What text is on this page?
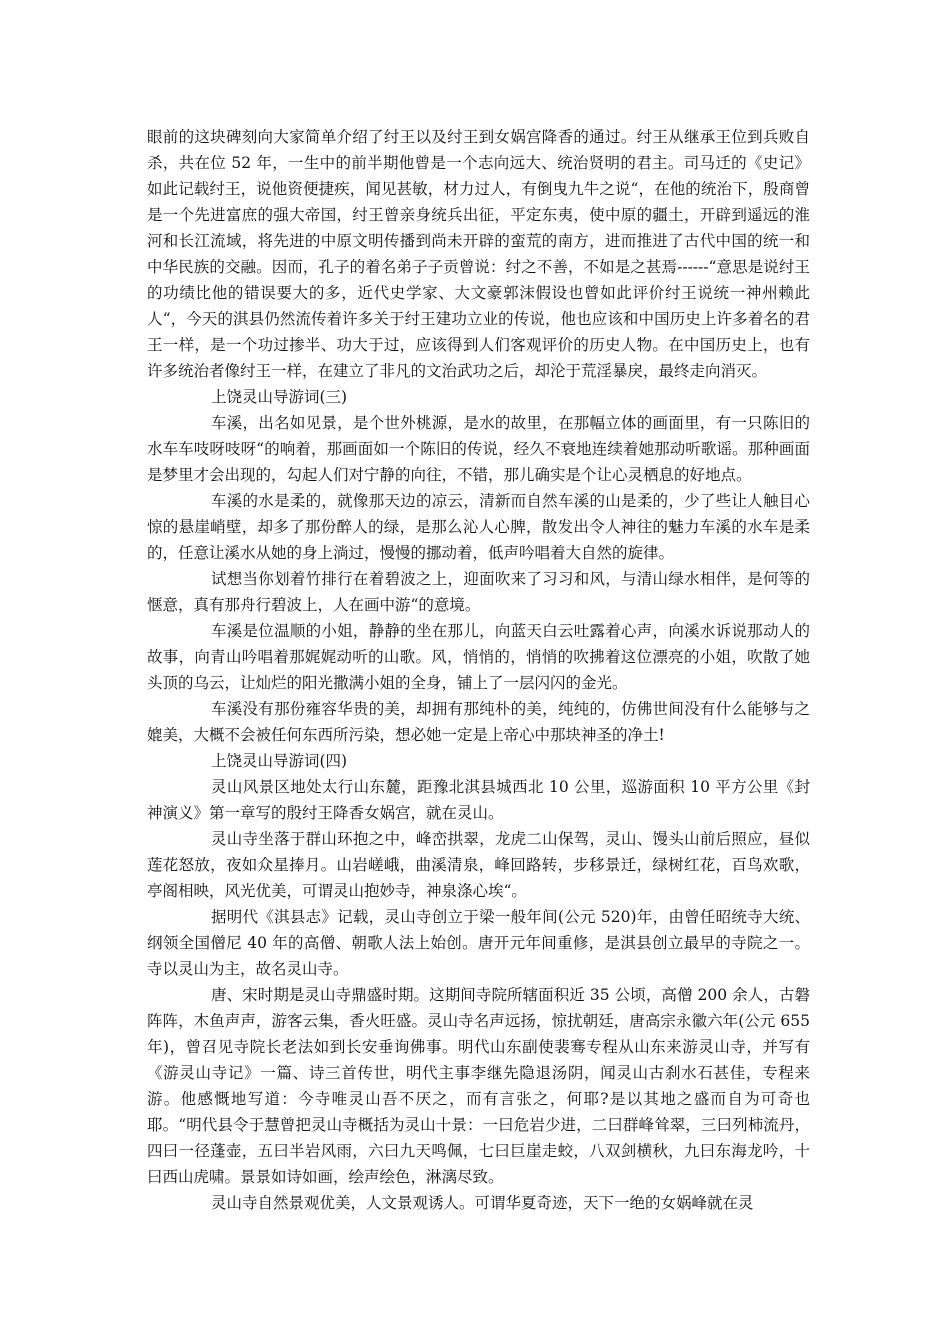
眼前的这块碑刻向大家简单介绍了纣王以及纣王到女娲宫降香的通过。纣王从继承王位到兵败自杀，共在位 52 年，一生中的前半期他曾是一个志向远大、统治贤明的君主。司马迁的《史记》如此记载纣王，说他资便捷疾，闻见甚敏，材力过人，有倒曳九牛之说“，在他的统治下，殷商曾是一个先进富庶的强大帝国，纣王曾亲身统兵出征，平定东夷，使中原的疆土，开辟到遥远的淮河和长江流域，将先进的中原文明传播到尚未开辟的蛮荒的南方，进而推进了古代中国的统一和中华民族的交融。因而，孔子的着名弟子子贡曾说：纣之不善，不如是之甚焉------“意思是说纣王的功绩比他的错误要大的多，近代史学家、大文豪郭沫假设也曾如此评价纣王说统一神州赖此人“，今天的淇县仍然流传着许多关于纣王建功立业的传说，他也应该和中国历史上许多着名的君王一样，是一个功过掺半、功大于过，应该得到人们客观评价的历史人物。在中国历史上，也有许多统治者像纣王一样，在建立了非凡的文治武功之后，却沦于荒淫暴戾，最终走向消灭。

上饶灵山导游词(三)

车溪，出名如见景，是个世外桃源，是水的故里，在那幅立体的画面里，有一只陈旧的水车车吱呀吱呀“的响着，那画面如一个陈旧的传说，经久不衰地连续着她那动听歌谣。那种画面是梦里才会出现的，勾起人们对宁静的向往，不错，那儿确实是个让心灵栖息的好地点。

车溪的水是柔的，就像那天边的凉云，清新而自然车溪的山是柔的，少了些让人触目心惊的悬崖峭壁，却多了那份醉人的绿，是那么沁人心脾，散发出令人神往的魅力车溪的水车是柔的，任意让溪水从她的身上淌过，慢慢的挪动着，低声吟唱着大自然的旋律。

试想当你划着竹排行在着碧波之上，迎面吹来了习习和风，与清山绿水相伴，是何等的惬意，真有那舟行碧波上，人在画中游“的意境。

车溪是位温顺的小姐，静静的坐在那儿，向蓝天白云吐露着心声，向溪水诉说那动人的故事，向青山吟唱着那娓娓动听的山歌。风，悄悄的，悄悄的吹拂着这位漂亮的小姐，吹散了她头顶的乌云，让灿烂的阳光撒满小姐的全身，铺上了一层闪闪的金光。

车溪没有那份雍容华贵的美，却拥有那纯朴的美，纯纯的，仿佛世间没有什么能够与之媲美，大概不会被任何东西所污染，想必她一定是上帝心中那块神圣的净土!

上饶灵山导游词(四)

灵山风景区地处太行山东麓，距豫北淇县城西北 10 公里，巡游面积 10 平方公里《封神演义》第一章写的殷纣王降香女娲宫，就在灵山。

灵山寺坐落于群山环抱之中，峰峦拱翠，龙虎二山保驾，灵山、馒头山前后照应，昼似莲花怒放，夜如众星捧月。山岩嵯峨，曲溪清泉，峰回路转，步移景迁，绿树红花，百鸟欢歌，亭阁相映，风光优美，可谓灵山抱妙寺，神泉涤心埃“。

据明代《淇县志》记载，灵山寺创立于梁一般年间(公元 520)年，由曾任昭统寺大统、纲领全国僧尼 40 年的高僧、朝歌人法上始创。唐开元年间重修，是淇县创立最早的寺院之一。寺以灵山为主，故名灵山寺。

唐、宋时期是灵山寺鼎盛时期。这期间寺院所辖面积近 35 公顷，高僧 200 余人，古磐阵阵，木鱼声声，游客云集，香火旺盛。灵山寺名声远扬，惊扰朝廷，唐高宗永徽六年(公元 655 年)，曾召见寺院长老法如到长安垂询佛事。明代山东副使裴骞专程从山东来游灵山寺，并写有《游灵山寺记》一篇、诗三首传世，明代主事李继先隐退汤阴，闻灵山古刹水石甚佳，专程来游。他感慨地写道：今寺唯灵山吾不厌之，而有言张之，何耶?是以其地之盛而自为可奇也耶。“明代县令于慧曾把灵山寺概括为灵山十景：一曰危岩少进，二曰群峰耸翠，三曰列柿流丹，四曰一径蓬壶，五曰半岩风雨，六曰九天鸣佩，七曰巨崖走蛟，八双剑横秋，九曰东海龙吟，十曰西山虎啸。景景如诗如画，绘声绘色，淋漓尽致。

灵山寺自然景观优美，人文景观诱人。可谓华夏奇迹，天下一绝的女娲峰就在灵
